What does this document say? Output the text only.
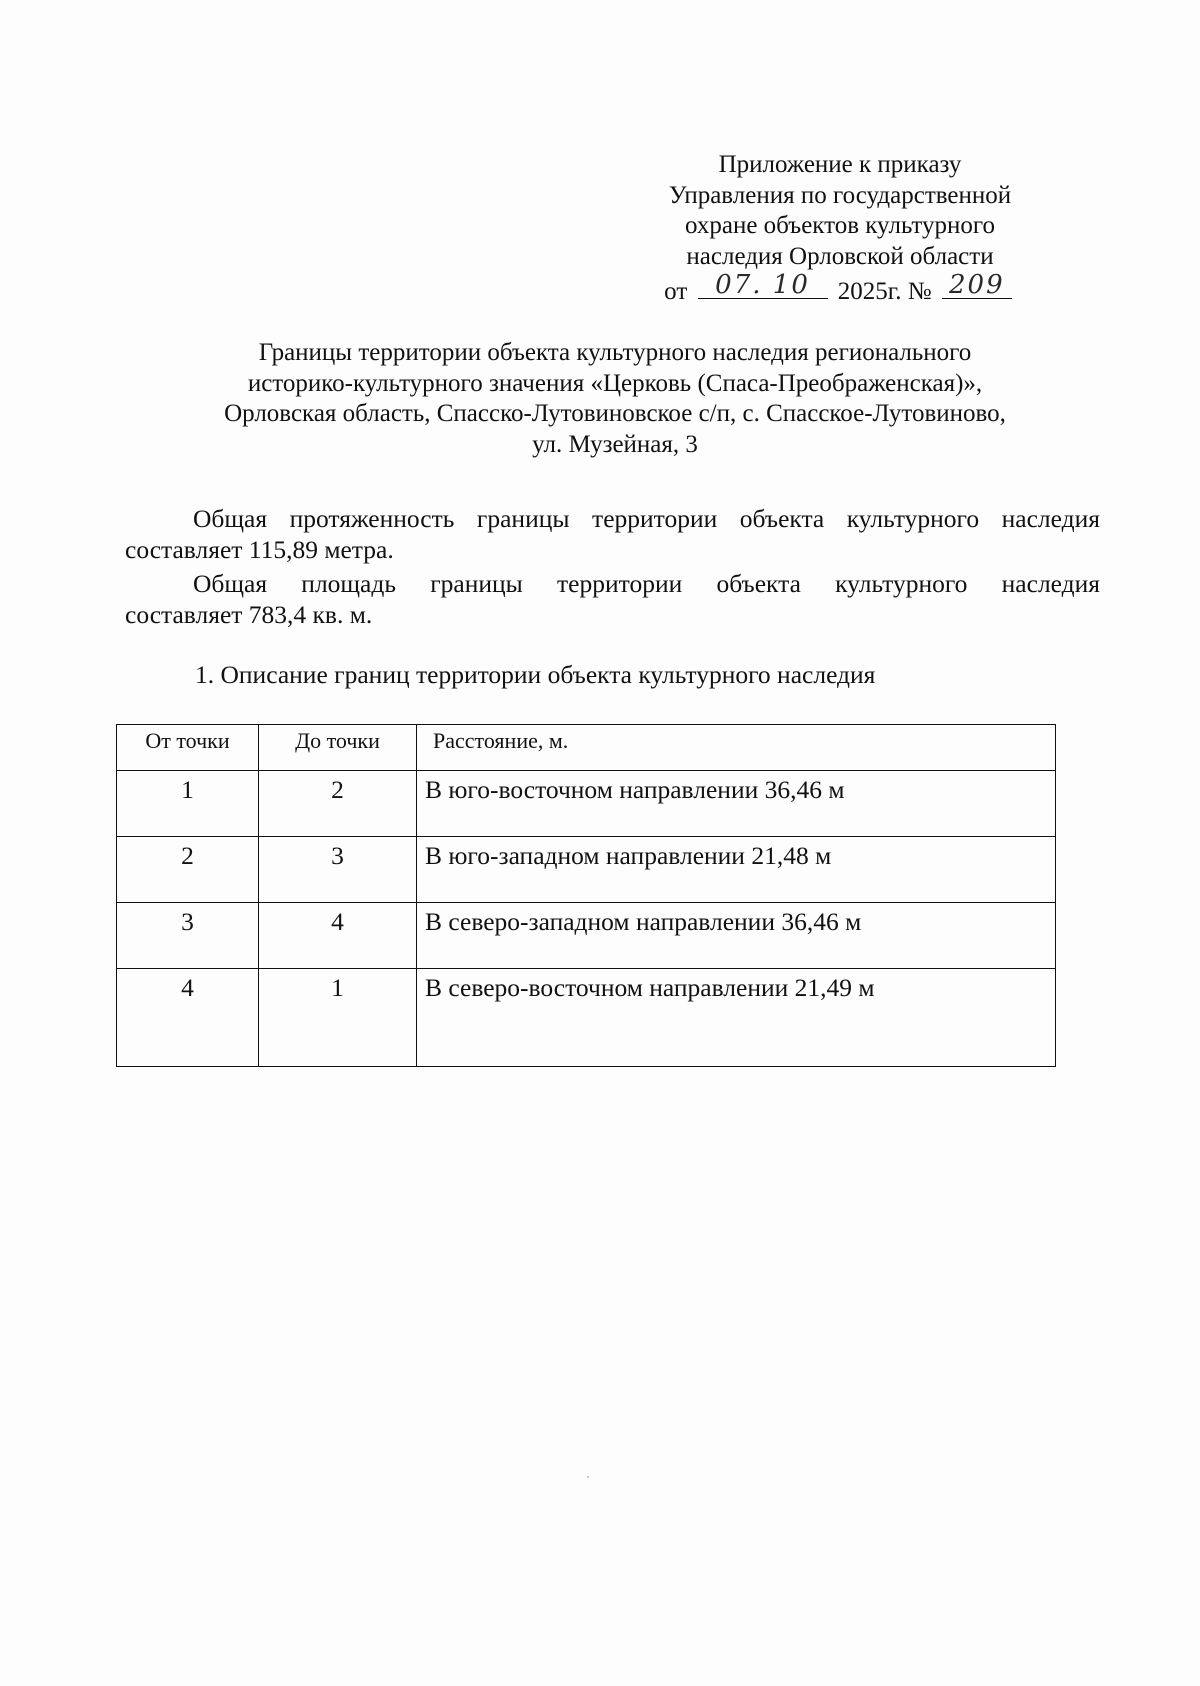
Приложение к приказу
Управления по государственной
охране объектов культурного
наследия Орловской области
от	07. 10	2025г. № 209
Границы территории объекта культурного наследия регионального
историко-культурного значения «Церковь (Спаса-Преображенская)»,
Орловская область, Спасско-Лутовиновское с/п, с. Спасское-Лутовиново,
ул. Музейная, 3
Общая протяженность границы территории объекта культурного наследия
составляет 115,89 метра.
Общая площадь границы территории объекта культурного наследия
составляет 783,4 кв. м.
1. Описание границ территории объекта культурного наследия
От точки	До точки	Расстояние, м.
1	2	В юго-восточном направлении 36,46 м
2	3	В юго-западном направлении 21,48 м
3	4	В северо-западном направлении 36,46 м
4	1	В северо-восточном направлении 21,49 м
